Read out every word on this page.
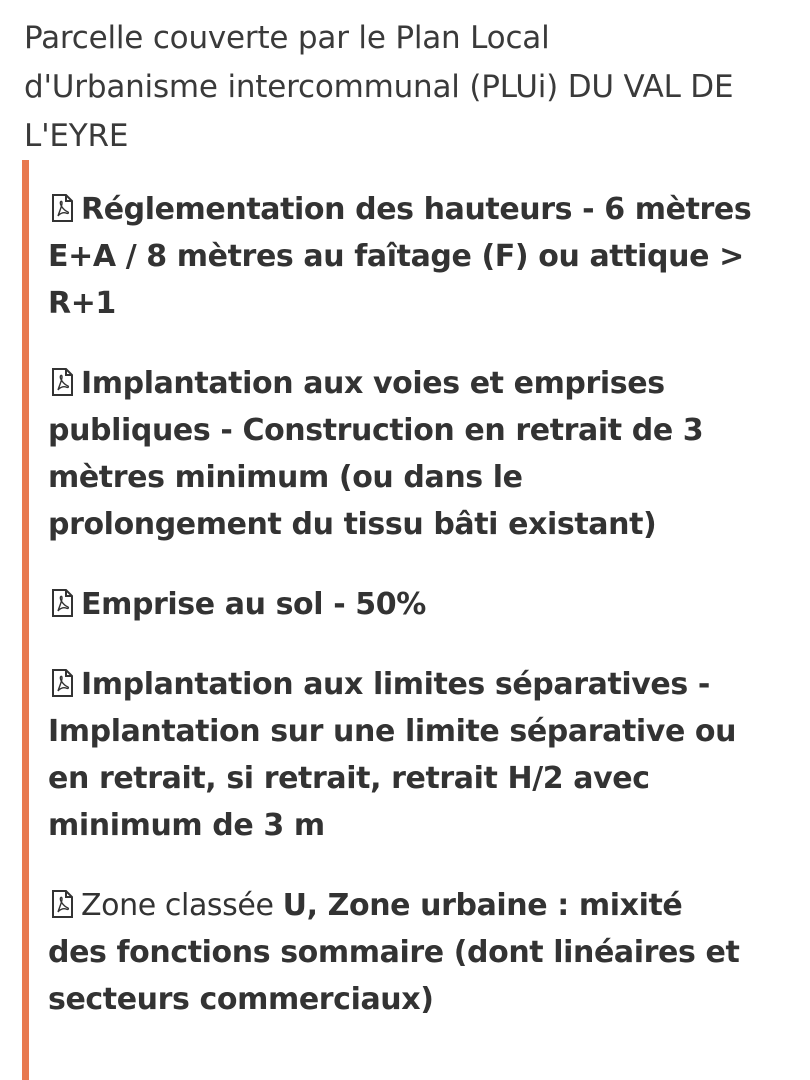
Parcelle couverte par le Plan Local
d'Urbanisme intercommunal (PLUi) DU VAL DE
L'EYRE
Réglementation des hauteurs - 6 mètres
E+A / 8 mètres au faîtage (F) ou attique >
R+1
Implantation aux voies et emprises
publiques - Construction en retrait de 3
mètres minimum (ou dans le
prolongement du tissu bâti existant)
Emprise au sol - 50%
Implantation aux limites séparatives -
Implantation sur une limite séparative ou
en retrait, si retrait, retrait H/2 avec
minimum de 3 m
Zone classée U, Zone urbaine : mixité
des fonctions sommaire (dont linéaires et
secteurs commerciaux)
